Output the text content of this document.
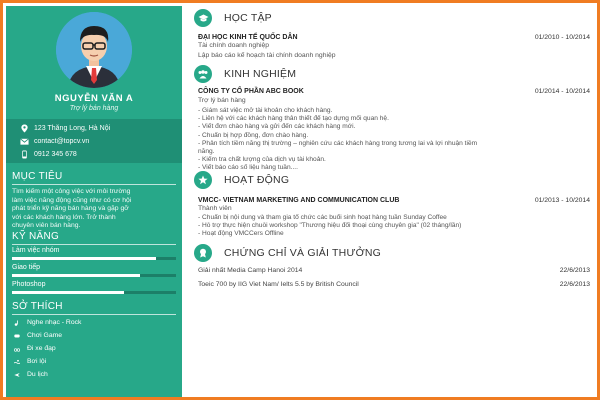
NGUYỄN VĂN A
Trợ lý bán hàng
123 Thăng Long, Hà Nội
contact@topcv.vn
0912 345 678
MỤC TIÊU
Tìm kiếm một công việc với môi trường
làm việc năng động cũng như có cơ hội
phát triển kỹ năng bán hàng và gặp gỡ
với các khách hàng lớn. Trở thành
chuyên viên bán hàng.
KỸ NĂNG
Làm việc nhóm
Giao tiếp
Photoshop
SỞ THÍCH
Nghe nhạc - Rock
Chơi Game
Đi xe đạp
Bơi lội
Du lịch
HỌC TẬP
ĐẠI HỌC KINH TẾ QUỐC DÂN	01/2010 - 10/2014
Tài chính doanh nghiệp
Lập báo cáo kế hoạch tài chính doanh nghiệp
KINH NGHIỆM
CÔNG TY CỔ PHẦN ABC BOOK	01/2014 - 10/2014
Trợ lý bán hàng
- Giám sát việc mở tài khoản cho khách hàng.
- Liên hệ với các khách hàng thân thiết để tạo dựng mối quan hệ.
- Viết đơn chào hàng và gửi đến các khách hàng mới.
- Chuẩn bị hợp đồng, đơn chào hàng.
- Phân tích tiềm năng thị trường – nghiên cứu các khách hàng trong tương lai và lợi nhuận tiềm
năng.
- Kiểm tra chất lượng của dịch vụ tài khoản.
- Viết báo cáo số liệu hàng tuần....
HOẠT ĐỘNG
VMCC- VIETNAM MARKETING AND COMMUNICATION CLUB	01/2013 - 10/2014
Thành viên
- Chuẩn bị nội dung và tham gia tổ chức các buổi sinh hoạt hàng tuần Sunday Coffee
- Hỗ trợ thực hiện chuỗi workshop "Thương hiệu đối thoại cùng chuyên gia" (02 tháng/lần)
- Hoạt động VMCCers Offline
CHỨNG CHỈ VÀ GIẢI THƯỞNG
Giải nhất Media Camp Hanoi 2014	22/6/2013
Toeic 700 by IIG Viet Nam/ Ielts 5.5 by British Council	22/6/2013
